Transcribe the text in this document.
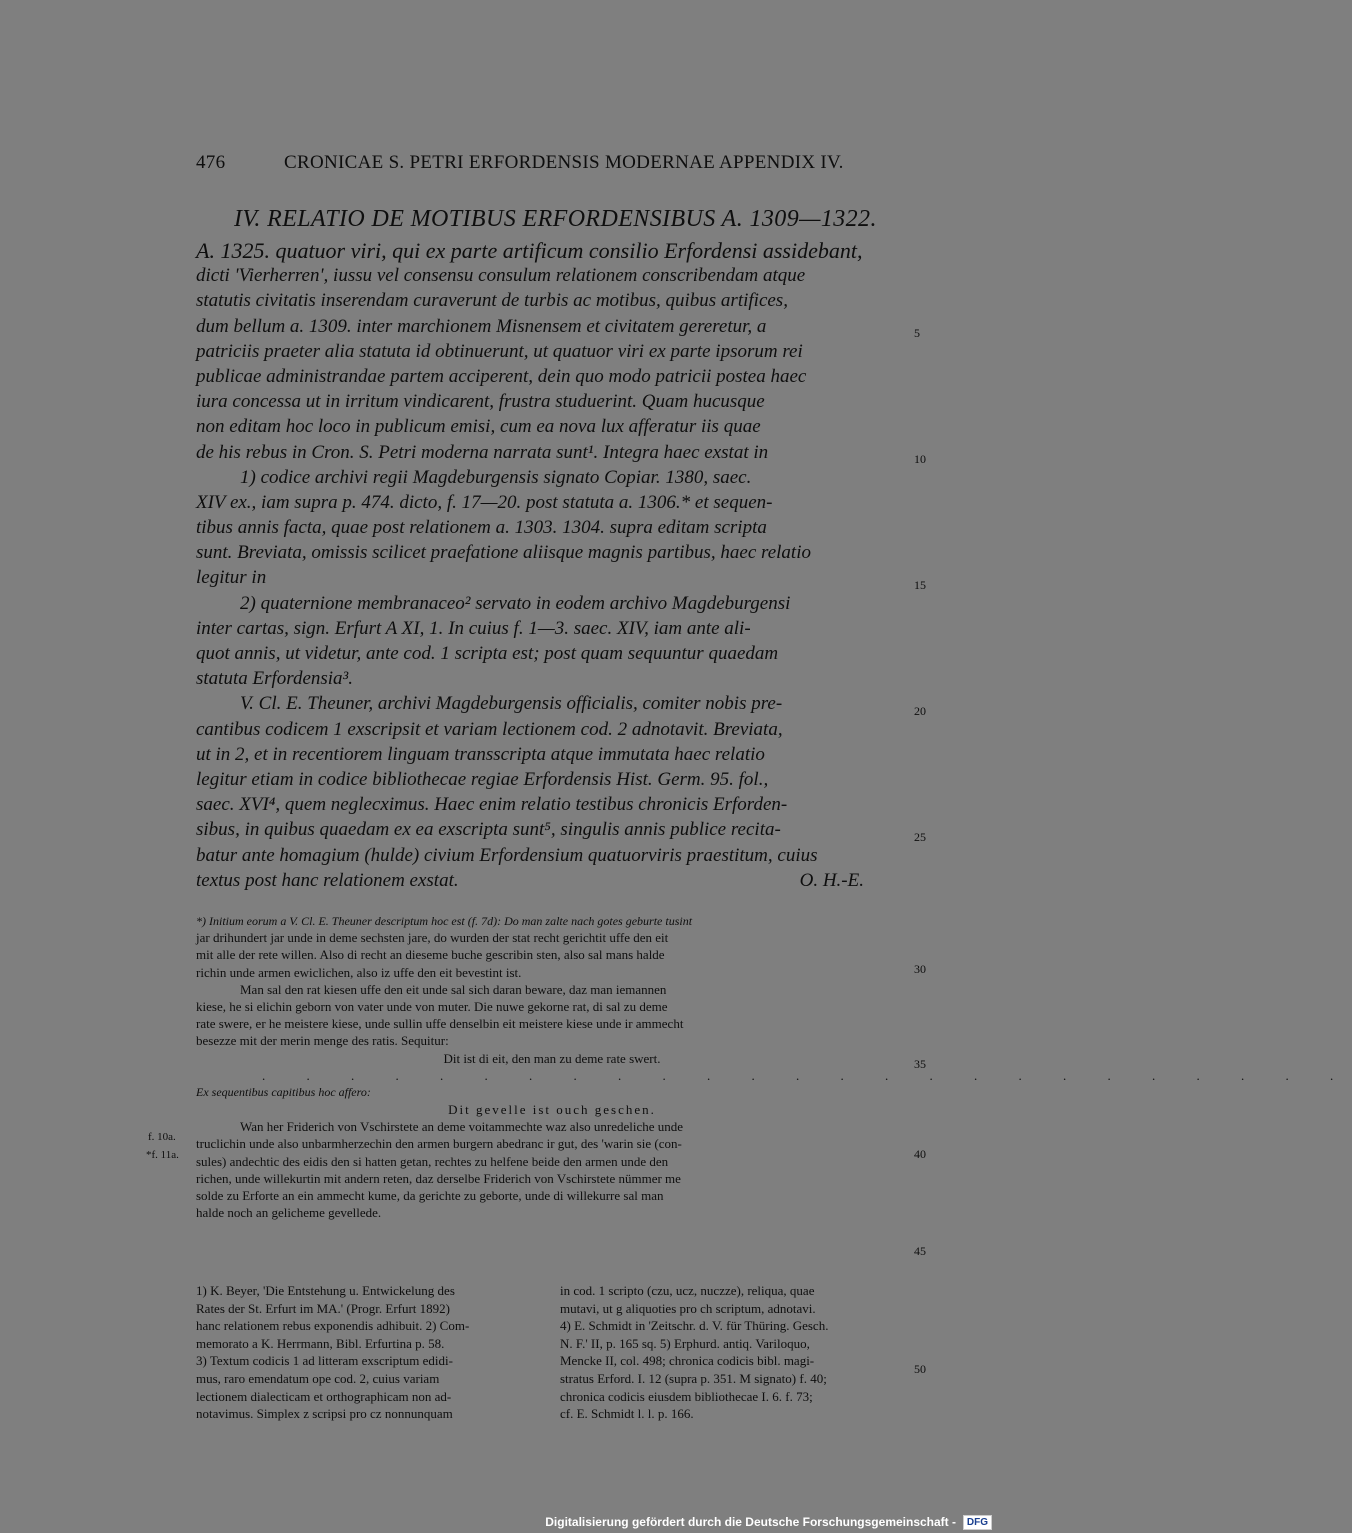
476	CRONICAE S. PETRI ERFORDENSIS MODERNAE APPENDIX IV.
IV. RELATIO DE MOTIBUS ERFORDENSIBUS A. 1309—1322.
A. 1325. quatuor viri, qui ex parte artificum consilio Erfordensi assidebant,
dicti 'Vierherren', iussu vel consensu consulum relationem conscribendam atque
statutis civitatis inserendam curaverunt de turbis ac motibus, quibus artifices,
dum bellum a. 1309. inter marchionem Misnensem et civitatem gereretur, a
patriciis praeter alia statuta id obtinuerunt, ut quatuor viri ex parte ipsorum rei
publicae administrandae partem acciperent, dein quo modo patricii postea haec
iura concessa ut in irritum vindicarent, frustra studuerint. Quam hucusque
non editam hoc loco in publicum emisi, cum ea nova lux afferatur iis quae
de his rebus in Cron. S. Petri moderna narrata sunt¹. Integra haec exstat in
1) codice archivi regii Magdeburgensis signato Copiar. 1380, saec.
XIV ex., iam supra p. 474. dicto, f. 17—20. post statuta a. 1306.* et sequen-
tibus annis facta, quae post relationem a. 1303. 1304. supra editam scripta
sunt. Breviata, omissis scilicet praefatione aliisque magnis partibus, haec relatio
legitur in
2) quaternione membranaceo² servato in eodem archivo Magdeburgensi
inter cartas, sign. Erfurt A XI, 1. In cuius f. 1—3. saec. XIV, iam ante ali-
quot annis, ut videtur, ante cod. 1 scripta est; post quam sequuntur quaedam
statuta Erfordensia³.
V. Cl. E. Theuner, archivi Magdeburgensis officialis, comiter nobis pre-
cantibus codicem 1 exscripsit et variam lectionem cod. 2 adnotavit. Breviata,
ut in 2, et in recentiorem linguam transscripta atque immutata haec relatio
legitur etiam in codice bibliothecae regiae Erfordensis Hist. Germ. 95. fol.,
saec. XVI⁴, quem neglecximus. Haec enim relatio testibus chronicis Erforden-
sibus, in quibus quaedam ex ea exscripta sunt⁵, singulis annis publice recita-
batur ante homagium (hulde) civium Erfordensium quatuorviris praestitum, cuius
textus post hanc relationem exstat.	O. H.-E.
5
10
15
20
25
*) Initium eorum a V. Cl. E. Theuner descriptum hoc est (f. 7d): Do man zalte nach gotes geburte tusint
jar drihundert jar unde in deme sechsten jare, do wurden der stat recht gerichtit uffe den eit
mit alle der rete willen. Also di recht an dieseme buche gescribin sten, also sal mans halde
richin unde armen ewiclichen, also iz uffe den eit bevestint ist.
Man sal den rat kiesen uffe den eit unde sal sich daran beware, daz man iemannen
kiese, he si elichin geborn von vater unde von muter. Die nuwe gekorne rat, di sal zu deme
rate swere, er he meistere kiese, unde sullin uffe denselbin eit meistere kiese unde ir ammecht
besezze mit der merin menge des ratis. Sequitur:
Dit ist di eit, den man zu deme rate swert.
. . . . . . . . . . . . . . . . . . . . . . . . .
Ex sequentibus capitibus hoc affero:
Dit gevelle ist ouch geschen.
Wan her Friderich von Vschirstete an deme voitammechte waz also unredeliche unde
truclichin unde also unbarmherzechin den armen burgern abedranc ir gut, des 'warin sie (con-
sules) andechtic des eidis den si hatten getan, rechtes zu helfene beide den armen unde den
richen, unde willekurtin mit andern reten, daz derselbe Friderich von Vschirstete nümmer me
solde zu Erforte an ein ammecht kume, da gerichte zu geborte, unde di willekurre sal man
halde noch an gelicheme gevellede.
30
35
40
45
f. 10a.
*f. 11a.
1) K. Beyer, 'Die Entstehung u. Entwickelung des
Rates der St. Erfurt im MA.' (Progr. Erfurt 1892)
hanc relationem rebus exponendis adhibuit. 2) Com-
memorato a K. Herrmann, Bibl. Erfurtina p. 58.
3) Textum codicis 1 ad litteram exscriptum edidi-
mus, raro emendatum ope cod. 2, cuius variam
lectionem dialecticam et orthographicam non ad-
notavimus. Simplex z scripsi pro cz nonnunquam
in cod. 1 scripto (czu, ucz, nuczze), reliqua, quae
mutavi, ut g aliquoties pro ch scriptum, adnotavi.
4) E. Schmidt in 'Zeitschr. d. V. für Thüring. Gesch.
N. F.' II, p. 165 sq. 5) Erphurd. antiq. Variloquo,
Mencke II, col. 498; chronica codicis bibl. magi-
stratus Erford. I. 12 (supra p. 351. M signato) f. 40;
chronica codicis eiusdem bibliothecae I. 6. f. 73;
cf. E. Schmidt l. l. p. 166.
50
Digitalisierung gefördert durch die Deutsche Forschungsgemeinschaft -	DFG
